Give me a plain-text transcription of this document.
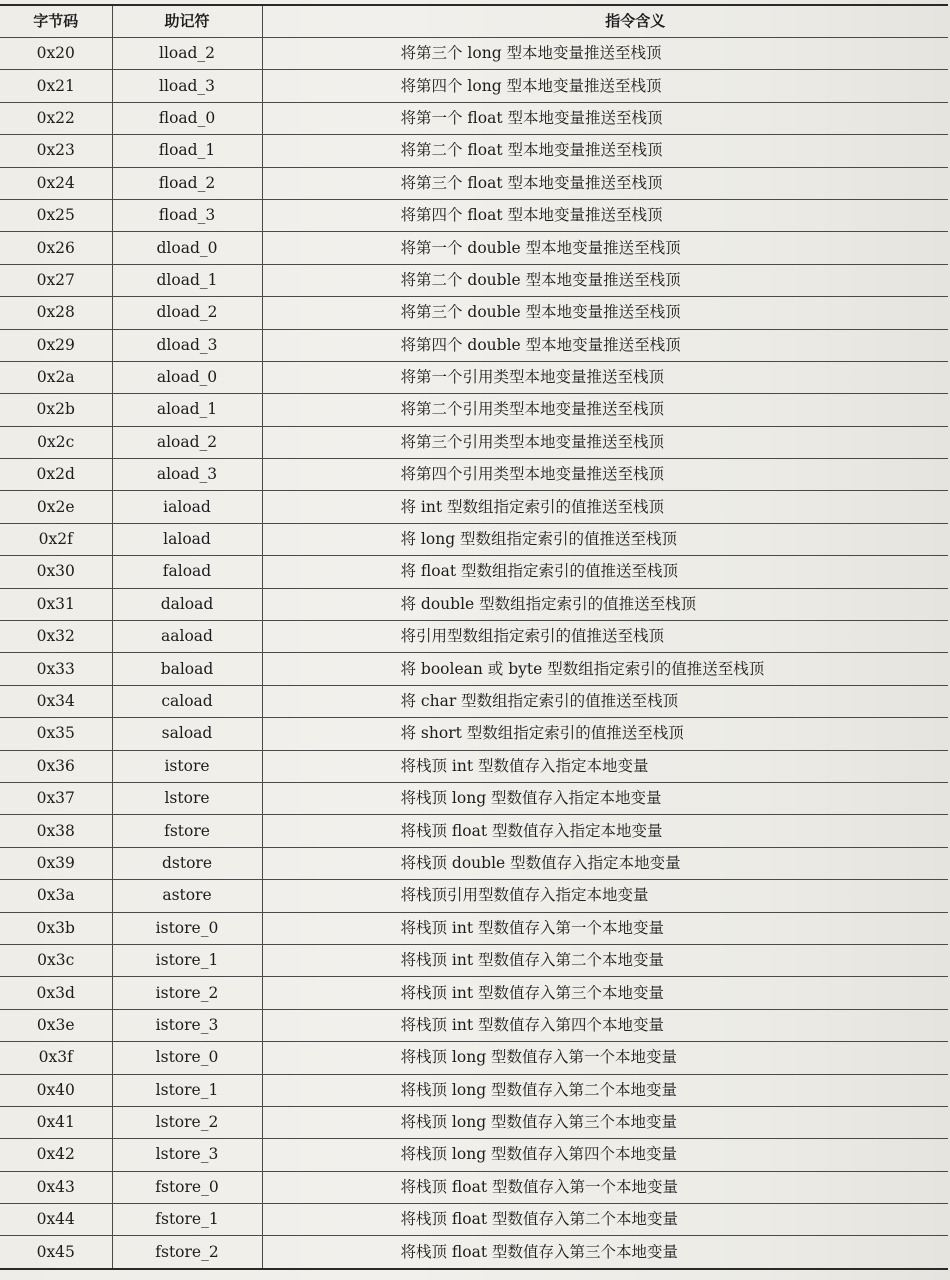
字节码	助记符	指令含义
0x20	lload_2	将第三个 long 型本地变量推送至栈顶
0x21	lload_3	将第四个 long 型本地变量推送至栈顶
0x22	fload_0	将第一个 float 型本地变量推送至栈顶
0x23	fload_1	将第二个 float 型本地变量推送至栈顶
0x24	fload_2	将第三个 float 型本地变量推送至栈顶
0x25	fload_3	将第四个 float 型本地变量推送至栈顶
0x26	dload_0	将第一个 double 型本地变量推送至栈顶
0x27	dload_1	将第二个 double 型本地变量推送至栈顶
0x28	dload_2	将第三个 double 型本地变量推送至栈顶
0x29	dload_3	将第四个 double 型本地变量推送至栈顶
0x2a	aload_0	将第一个引用类型本地变量推送至栈顶
0x2b	aload_1	将第二个引用类型本地变量推送至栈顶
0x2c	aload_2	将第三个引用类型本地变量推送至栈顶
0x2d	aload_3	将第四个引用类型本地变量推送至栈顶
0x2e	iaload	将 int 型数组指定索引的值推送至栈顶
0x2f	laload	将 long 型数组指定索引的值推送至栈顶
0x30	faload	将 float 型数组指定索引的值推送至栈顶
0x31	daload	将 double 型数组指定索引的值推送至栈顶
0x32	aaload	将引用型数组指定索引的值推送至栈顶
0x33	baload	将 boolean 或 byte 型数组指定索引的值推送至栈顶
0x34	caload	将 char 型数组指定索引的值推送至栈顶
0x35	saload	将 short 型数组指定索引的值推送至栈顶
0x36	istore	将栈顶 int 型数值存入指定本地变量
0x37	lstore	将栈顶 long 型数值存入指定本地变量
0x38	fstore	将栈顶 float 型数值存入指定本地变量
0x39	dstore	将栈顶 double 型数值存入指定本地变量
0x3a	astore	将栈顶引用型数值存入指定本地变量
0x3b	istore_0	将栈顶 int 型数值存入第一个本地变量
0x3c	istore_1	将栈顶 int 型数值存入第二个本地变量
0x3d	istore_2	将栈顶 int 型数值存入第三个本地变量
0x3e	istore_3	将栈顶 int 型数值存入第四个本地变量
0x3f	lstore_0	将栈顶 long 型数值存入第一个本地变量
0x40	lstore_1	将栈顶 long 型数值存入第二个本地变量
0x41	lstore_2	将栈顶 long 型数值存入第三个本地变量
0x42	lstore_3	将栈顶 long 型数值存入第四个本地变量
0x43	fstore_0	将栈顶 float 型数值存入第一个本地变量
0x44	fstore_1	将栈顶 float 型数值存入第二个本地变量
0x45	fstore_2	将栈顶 float 型数值存入第三个本地变量
